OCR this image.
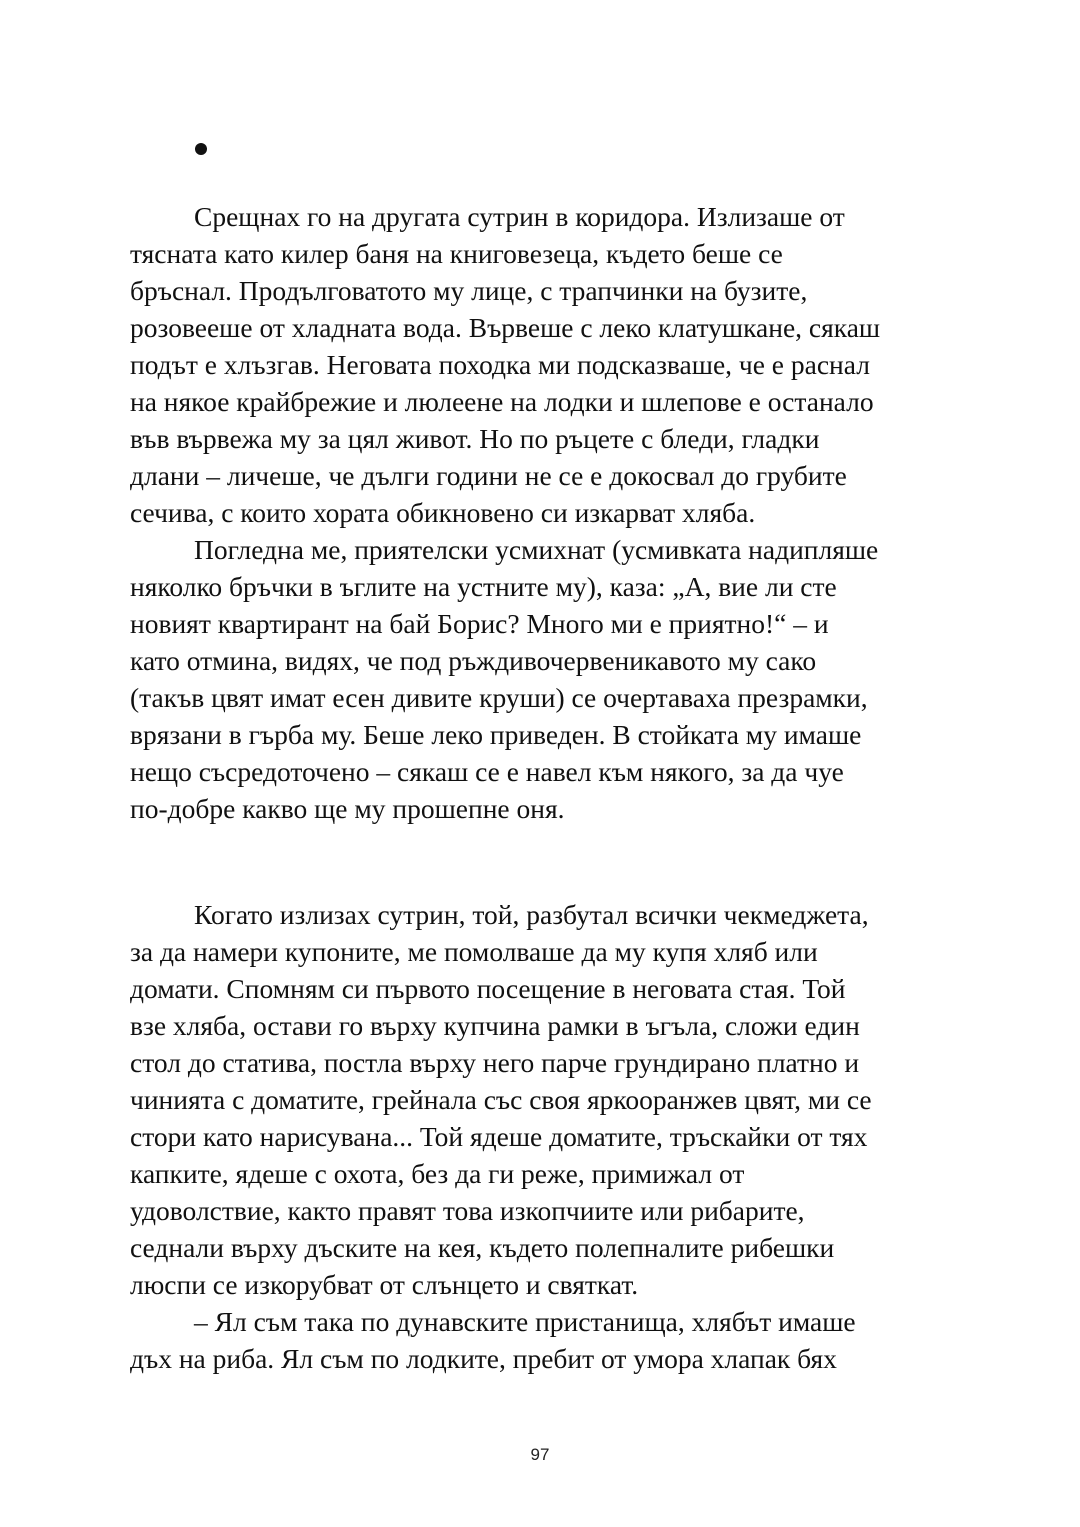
Срещнах го на другата сутрин в коридора. Излизаше от
тясната като килер баня на книговезеца, където беше се
бръснал. Продълговатото му лице, с трапчинки на бузите,
розовееше от хладната вода. Вървеше с леко клатушкане, сякаш
подът е хлъзгав. Неговата походка ми подсказваше, че е раснал
на някое крайбрежие и люлеене на лодки и шлепове е останало
във вървежа му за цял живот. Но по ръцете с бледи, гладки
длани – личеше, че дълги години не се е докосвал до грубите
сечива, с които хората обикновено си изкарват хляба.
Погледна ме, приятелски усмихнат (усмивката надипляше
няколко бръчки в ъглите на устните му), каза: „А, вие ли сте
новият квартирант на бай Борис? Много ми е приятно!“ – и
като отмина, видях, че под ръждивочервеникавото му сако
(такъв цвят имат есен дивите круши) се очертаваха презрамки,
врязани в гърба му. Беше леко приведен. В стойката му имаше
нещо съсредоточено – сякаш се е навел към някого, за да чуе
по-добре какво ще му прошепне оня.
Когато излизах сутрин, той, разбутал всички чекмеджета,
за да намери купоните, ме помолваше да му купя хляб или
домати. Спомням си първото посещение в неговата стая. Той
взе хляба, остави го върху купчина рамки в ъгъла, сложи един
стол до статива, постла върху него парче грундирано платно и
чинията с доматите, грейнала със своя яркооранжев цвят, ми се
стори като нарисувана... Той ядеше доматите, тръскайки от тях
капките, ядеше с охота, без да ги реже, примижал от
удоволствие, както правят това изкопчиите или рибарите,
седнали върху дъските на кея, където полепналите рибешки
люспи се изкорубват от слънцето и святкат.
– Ял съм така по дунавските пристанища, хлябът имаше
дъх на риба. Ял съм по лодките, пребит от умора хлапак бях
97
